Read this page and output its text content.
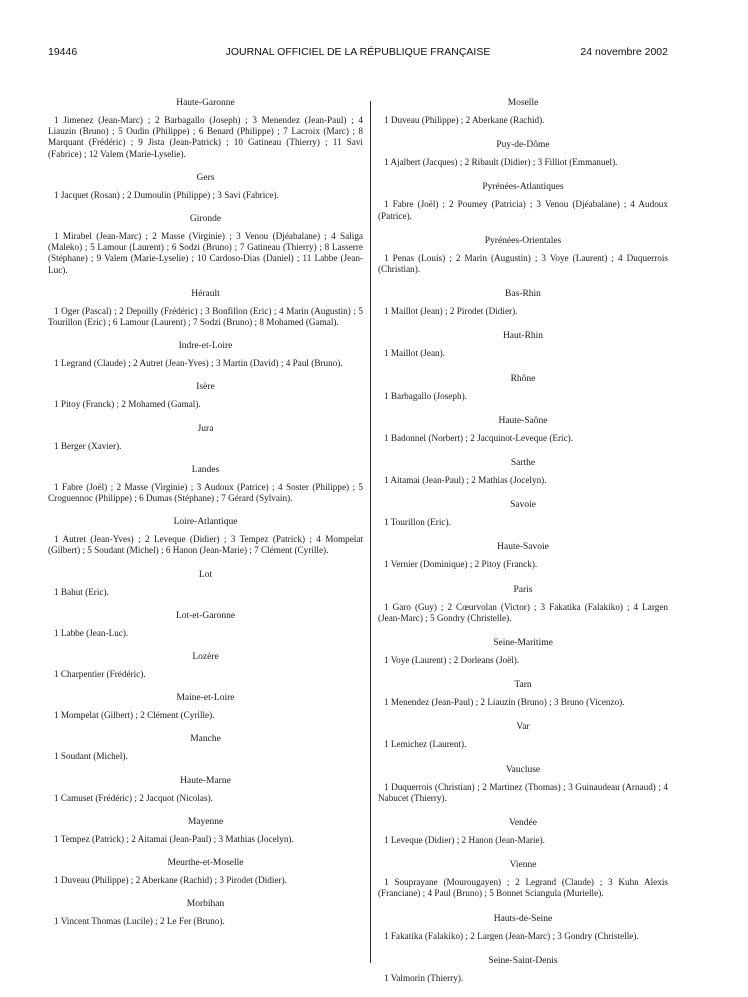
19446	JOURNAL OFFICIEL DE LA RÉPUBLIQUE FRANÇAISE	24 novembre 2002
Haute-Garonne

1 Jimenez (Jean-Marc) ; 2 Barbagallo (Joseph) ; 3 Menendez (Jean-Paul) ; 4 Liauzin (Bruno) ; 5 Oudin (Philippe) ; 6 Benard (Philippe) ; 7 Lacroix (Marc) ; 8 Marquant (Frédéric) ; 9 Jista (Jean-Patrick) ; 10 Gatineau (Thierry) ; 11 Savi (Fabrice) ; 12 Valem (Marie-Lyselie).

Gers

1 Jacquet (Rosan) ; 2 Dumoulin (Philippe) ; 3 Savi (Fabrice).

Gironde

1 Mirabel (Jean-Marc) ; 2 Masse (Virginie) ; 3 Venou (Djéabalane) ; 4 Saliga (Maleko) ; 5 Lamour (Laurent) ; 6 Sodzi (Bruno) ; 7 Gatineau (Thierry) ; 8 Lasserre (Stéphane) ; 9 Valem (Marie-Lyselie) ; 10 Cardoso-Dias (Daniel) ; 11 Labbe (Jean-Luc).

Hérault

1 Oger (Pascal) ; 2 Depoilly (Frédéric) ; 3 Bonfillon (Eric) ; 4 Marin (Augustin) ; 5 Tourillon (Eric) ; 6 Lamour (Laurent) ; 7 Sodzi (Bruno) ; 8 Mohamed (Gamal).

Indre-et-Loire

1 Legrand (Claude) ; 2 Autret (Jean-Yves) ; 3 Martin (David) ; 4 Paul (Bruno).

Isère

1 Pitoy (Franck) ; 2 Mohamed (Gamal).

Jura

1 Berger (Xavier).

Landes

1 Fabre (Joël) ; 2 Masse (Virginie) ; 3 Audoux (Patrice) ; 4 Soster (Philippe) ; 5 Croguennoc (Philippe) ; 6 Dumas (Stéphane) ; 7 Gérard (Sylvain).

Loire-Atlantique

1 Autret (Jean-Yves) ; 2 Leveque (Didier) ; 3 Tempez (Patrick) ; 4 Mompelat (Gilbert) ; 5 Soudant (Michel) ; 6 Hanon (Jean-Marie) ; 7 Clément (Cyrille).

Lot

1 Bahut (Eric).

Lot-et-Garonne

1 Labbe (Jean-Luc).

Lozère

1 Charpentier (Frédéric).

Maine-et-Loire

1 Mompelat (Gilbert) ; 2 Clément (Cyrille).

Manche

1 Soudant (Michel).

Haute-Marne

1 Camuset (Frédéric) ; 2 Jacquot (Nicolas).

Mayenne

1 Tempez (Patrick) ; 2 Aitamai (Jean-Paul) ; 3 Mathias (Jocelyn).

Meurthe-et-Moselle

1 Duveau (Philippe) ; 2 Aberkane (Rachid) ; 3 Pirodet (Didier).

Morbihan

1 Vincent Thomas (Lucile) ; 2 Le Fer (Bruno).

Moselle

1 Duveau (Philippe) ; 2 Aberkane (Rachid).

Puy-de-Dôme

1 Ajalbert (Jacques) ; 2 Ribault (Didier) ; 3 Filliot (Emmanuel).

Pyrénées-Atlantiques

1 Fabre (Joël) ; 2 Poumey (Patricia) ; 3 Venou (Djéabalane) ; 4 Audoux (Patrice).

Pyrénées-Orientales

1 Penas (Louis) ; 2 Marin (Augustin) ; 3 Voye (Laurent) ; 4 Duquerrois (Christian).

Bas-Rhin

1 Maillot (Jean) ; 2 Pirodet (Didier).

Haut-Rhin

1 Maillot (Jean).

Rhône

1 Barbagallo (Joseph).

Haute-Saône

1 Badonnel (Norbert) ; 2 Jacquinot-Leveque (Eric).

Sarthe

1 Aitamai (Jean-Paul) ; 2 Mathias (Jocelyn).

Savoie

1 Tourillon (Eric).

Haute-Savoie

1 Vernier (Dominique) ; 2 Pitoy (Franck).

Paris

1 Garo (Guy) ; 2 Cœurvolan (Victor) ; 3 Fakatika (Falakiko) ; 4 Largen (Jean-Marc) ; 5 Gondry (Christelle).

Seine-Maritime

1 Voye (Laurent) ; 2 Dorleans (Joël).

Tarn

1 Menendez (Jean-Paul) ; 2 Liauzin (Bruno) ; 3 Bruno (Vicenzo).

Var

1 Lemichez (Laurent).

Vaucluse

1 Duquerrois (Christian) ; 2 Martinez (Thomas) ; 3 Guinaudeau (Arnaud) ; 4 Nabucet (Thierry).

Vendée

1 Leveque (Didier) ; 2 Hanon (Jean-Marie).

Vienne

1 Souprayane (Mourougayen) ; 2 Legrand (Claude) ; 3 Kuhn Alexis (Franciane) ; 4 Paul (Bruno) ; 5 Bonnet Sciangula (Murielle).

Hauts-de-Seine

1 Fakatika (Falakiko) ; 2 Largen (Jean-Marc) ; 3 Gondry (Christelle).

Seine-Saint-Denis

1 Valmorin (Thierry).
